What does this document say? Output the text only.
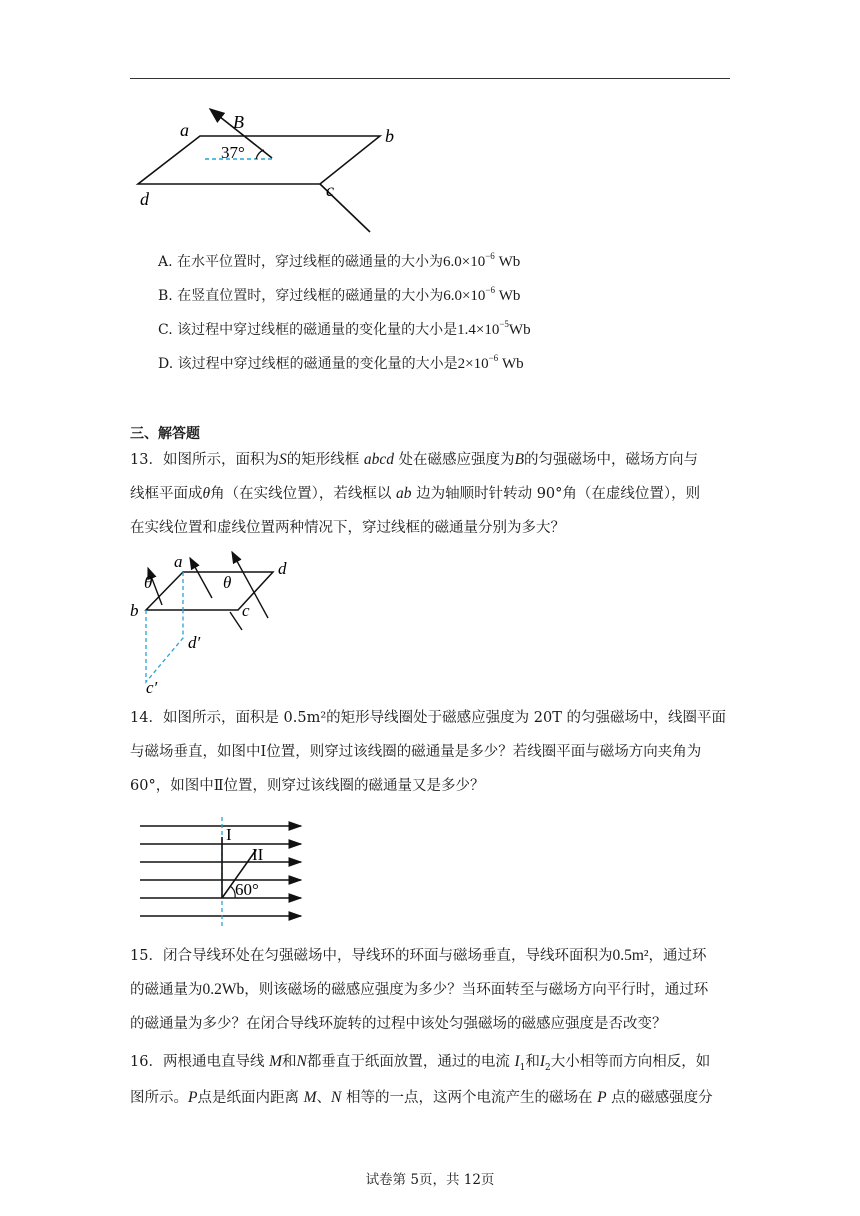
a B
b
c
d
37°
A. 在水平位置时，穿过线框的磁通量的大小为$6.0\times 10^{-6}$ Wb
B. 在竖直位置时，穿过线框的磁通量的大小为$6.0\times 10^{-6}$ Wb
C. 该过程中穿过线框的磁通量的变化量的大小是$1.4\times 10^{-5}Wb$
D. 该过程中穿过线框的磁通量的变化量的大小是$2\times 10^{-6}$ Wb
三、解答题
13．如图所示，面积为S的矩形线框 abcd 处在磁感应强度为B的匀强磁场中，磁场方向与
线框平面成θ角（在实线位置），若线框以 ab 边为轴顺时针转动 90°角（在虚线位置），则
在实线位置和虚线位置两种情况下，穿过线框的磁通量分别为多大？
a	d
b	c
d′
c′
θ	θ
14．如图所示，面积是 0.5m²的矩形导线圈处于磁感应强度为 20T 的匀强磁场中，线圈平面
与磁场垂直，如图中Ⅰ位置，则穿过该线圈的磁通量是多少？若线圈平面与磁场方向夹角为
60°，如图中Ⅱ位置，则穿过该线圈的磁通量又是多少？
I
II
60°
15．闭合导线环处在匀强磁场中，导线环的环面与磁场垂直，导线环面积为0.5m²，通过环
的磁通量为0.2Wb，则该磁场的磁感应强度为多少？当环面转至与磁场方向平行时，通过环
的磁通量为多少？在闭合导线环旋转的过程中该处匀强磁场的磁感应强度是否改变？
16．两根通电直导线 M和N都垂直于纸面放置，通过的电流 $I_1$和$I_2$大小相等而方向相反，如
图所示。P点是纸面内距离 M、N 相等的一点，这两个电流产生的磁场在 P 点的磁感强度分
试卷第 5页，共 12页
